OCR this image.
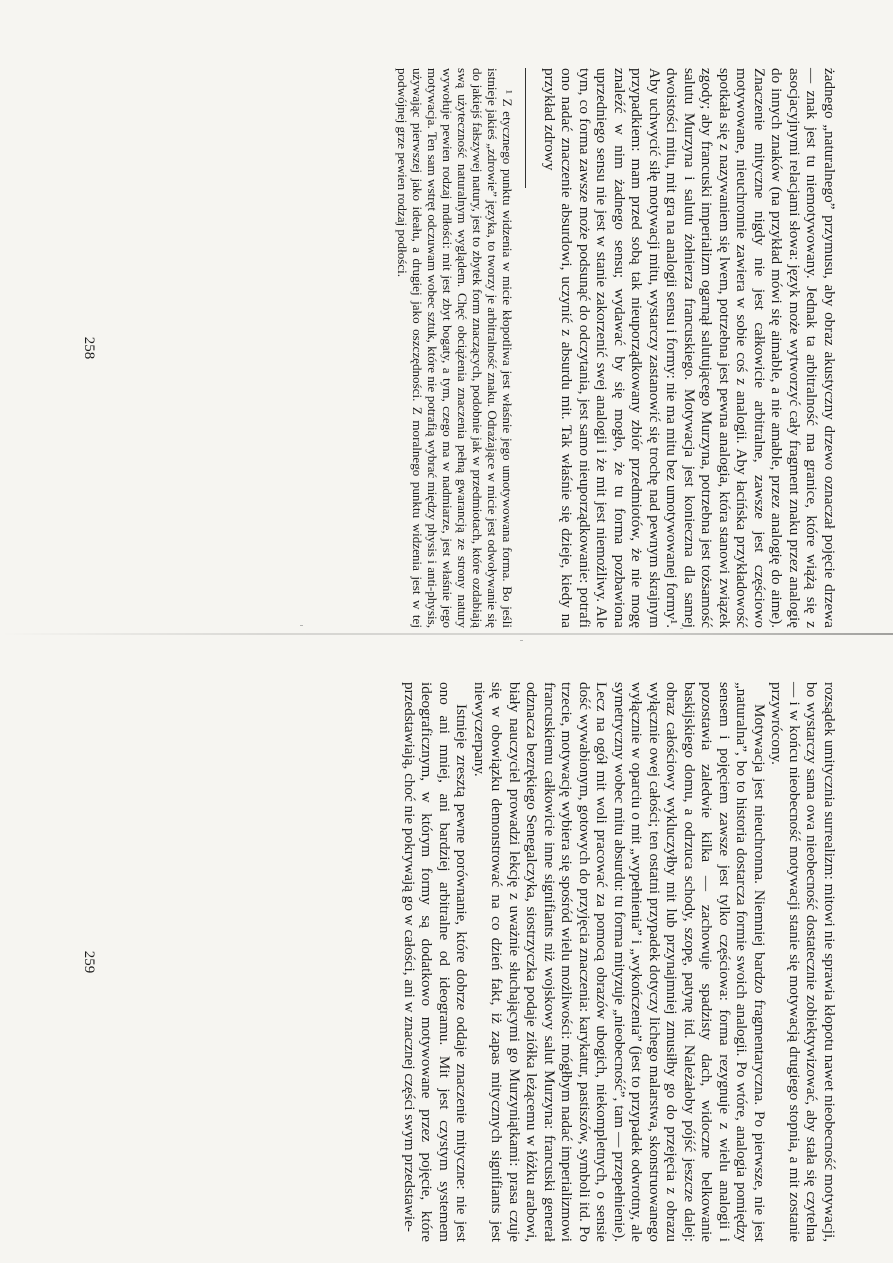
żadnego „naturalnego” przymusu, aby obraz akustyczny drzewo oznaczał pojęcie drzewa — znak jest tu niemotywowany. Jednak ta arbitralność ma granice, które wiążą się z asocjacyjnymi relacjami słowa: język może wytworzyć cały fragment znaku przez analogię do innych znaków (na przykład mówi się aimable, a nie amable, przez analogię do aime). Znaczenie mityczne nigdy nie jest całkowicie arbitralne, zawsze jest częściowo motywowane, nieuchronnie zawiera w sobie coś z analogii. Aby łacińska przykładowość spotkała się z nazywaniem się lwem, potrzebna jest pewna analogia, która stanowi związek zgody; aby francuski imperializm ogarnął salutującego Murzyna, potrzebna jest tożsamość salutu Murzyna i salutu żołnierza francuskiego. Motywacja jest konieczna dla samej dwoistości mitu, mit gra na analogii sensu i formy: nie ma mitu bez umotywowanej formy¹. Aby uchwycić siłę motywacji mitu, wystarczy zastanowić się trochę nad pewnym skrajnym przypadkiem: mam przed sobą tak nieuporządkowany zbiór przedmiotów, że nie mogę znaleźć w nim żadnego sensu; wydawać by się mogło, że tu forma pozbawiona uprzedniego sensu nie jest w stanie zakorzenić swej analogii i że mit jest niemożliwy. Ale tym, co forma zawsze może podsunąć do odczytania, jest samo nieuporządkowanie: potrafi ono nadać znaczenie absurdowi, uczynić z absurdu mit. Tak właśnie się dzieje, kiedy na przykład zdrowy

¹ Z etycznego punktu widzenia w micie kłopotliwa jest właśnie jego umotywowana forma. Bo jeśli istnieje jakieś „zdrowie” języka, to tworzy je arbitralność znaku. Odrażające w micie jest odwoływanie się do jakiejś fałszywej natury, jest to zbytek form znaczących, podobnie jak w przedmiotach, które ozdabiają swą użyteczność naturalnym wyglądem. Chęć obciążenia znaczenia pełną gwarancją ze strony natury wywołuje pewien rodzaj mdłości: mit jest zbyt bogaty, a tym, czego ma w nadmiarze, jest właśnie jego motywacja. Ten sam wstręt odczuwam wobec sztuk, które nie potrafią wybrać między physis i anti-physis, używając pierwszej jako ideału, a drugiej jako oszczędności. Z moralnego punktu widzenia jest w tej podwójnej grze pewien rodzaj podłości.

258

rozsądek umitycznia surrealizm: mitowi nie sprawia kłopotu nawet nieobecność motywacji, bo wystarczy sama owa nieobecność dostatecznie zobiektywizować, aby stała się czytelna — i w końcu nieobecność motywacji stanie się motywacją drugiego stopnia, a mit zostanie przywrócony.

Motywacja jest nieuchronna. Niemniej bardzo fragmentaryczna. Po pierwsze, nie jest „naturalna”, bo to historia dostarcza formie swoich analogii. Po wtóre, analogia pomiędzy sensem i pojęciem zawsze jest tylko częściowa: forma rezygnuje z wielu analogii i pozostawia zaledwie kilka — zachowuje spadzisty dach, widoczne belkowanie baskijskiego domu, a odrzuca schody, szopę, patynę itd. Należałoby pójść jeszcze dalej: obraz całościowy wykluczyłby mit lub przynajmniej zmusiłby go do przejęcia z obrazu wyłącznie owej całości; ten ostatni przypadek dotyczy lichego malarstwa, skonstruowanego wyłącznie w oparciu o mit „wypełnienia” i „wykończenia” (jest to przypadek odwrotny, ale symetryczny wobec mitu absurdu: tu forma mityzuje „nieobecność”, tam — przepełnienie). Lecz na ogół mit woli pracować za pomocą obrazów ubogich, niekompletnych, o sensie dość wywabionym, gotowych do przyjęcia znaczenia: karykatur, pastiszów, symboli itd. Po trzecie, motywację wybiera się spośród wielu możliwości: mógłbym nadać imperializmowi francuskiemu całkowicie inne signifiants niż wojskowy salut Murzyna: francuski generał odznacza bezrękiego Senegalczyka, siostrzyczka podaje ziółka leżącemu w łóżku arabowi, biały nauczyciel prowadzi lekcję z uważnie słuchającymi go Murzyniątkami: prasa czuje się w obowiązku demonstrować na co dzień fakt, iż zapas mitycznych signifiants jest niewyczerpany.

Istnieje zresztą pewne porównanie, które dobrze oddaje znaczenie mityczne: nie jest ono ani mniej, ani bardziej arbitralne od ideogramu. Mit jest czystym systemem ideograficznym, w którym formy są dodatkowo motywowane przez pojęcie, które przedstawiają, choć nie pokrywają go w całości, ani w znacznej części swym przedstawie-

259
